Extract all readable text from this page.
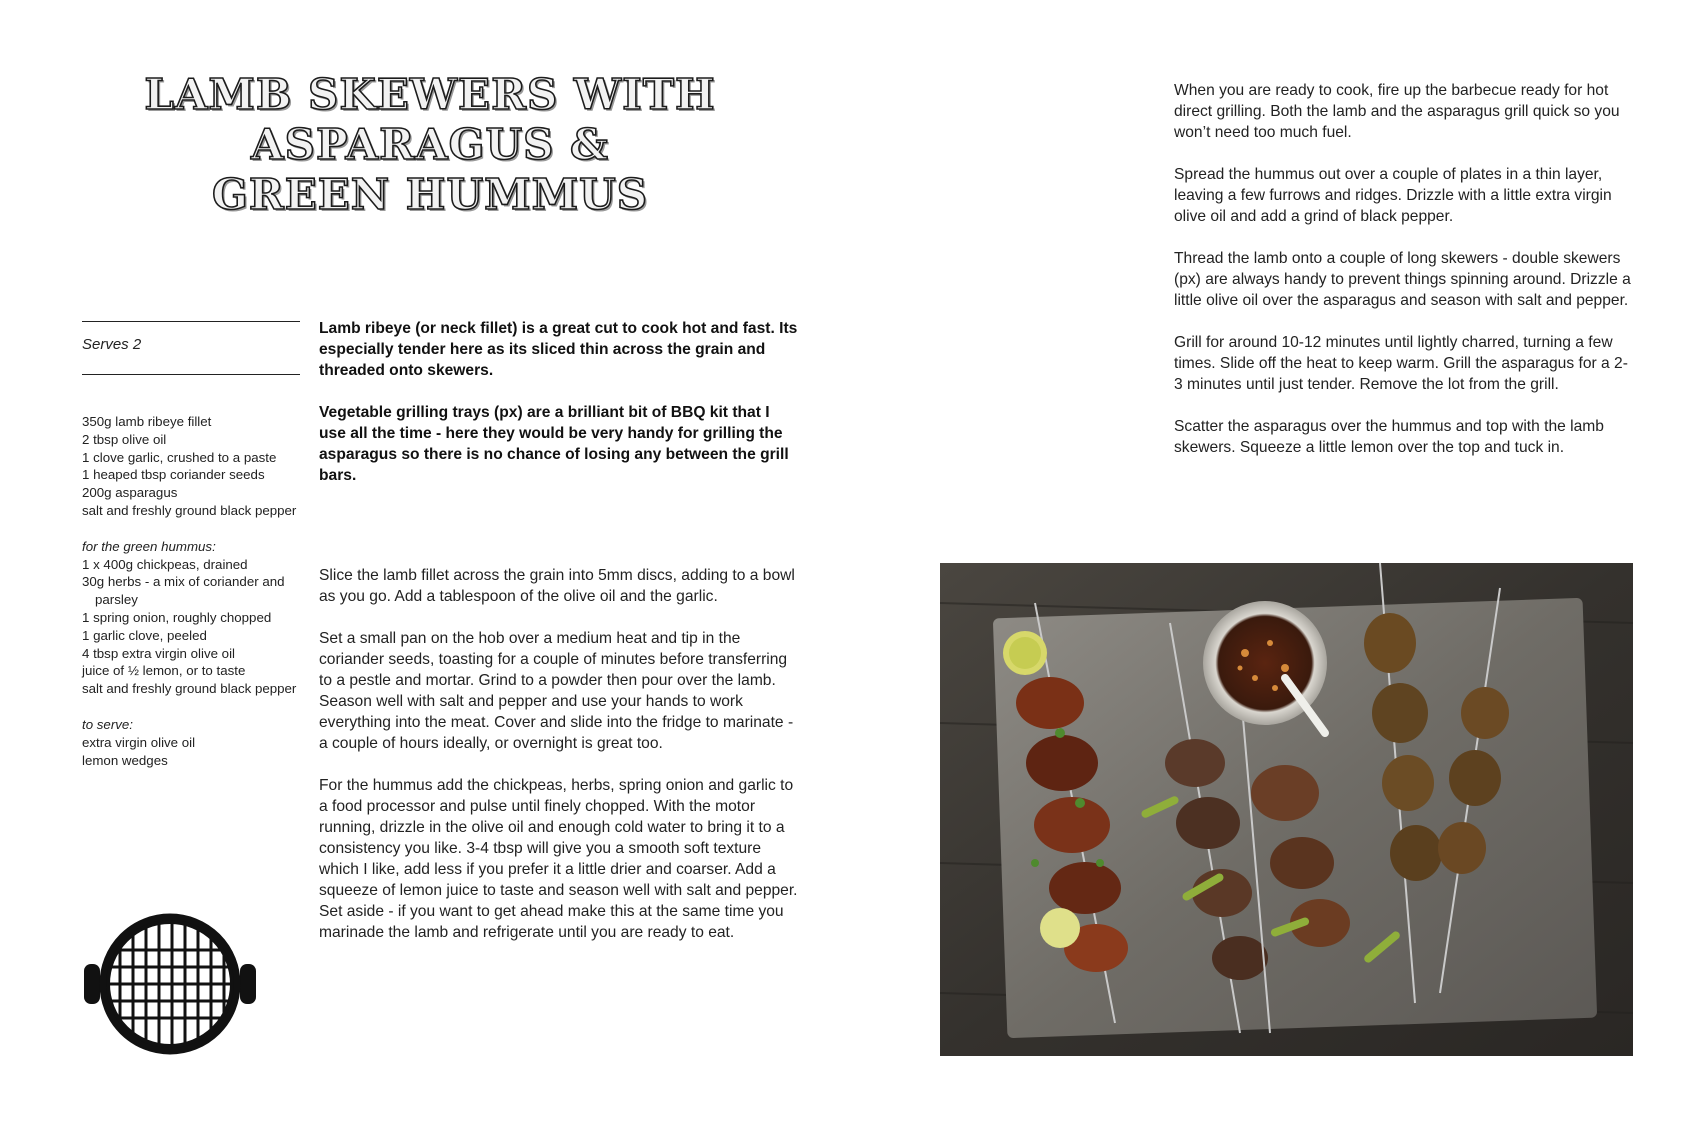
LAMB SKEWERS WITH
ASPARAGUS &
GREEN HUMMUS
Serves 2
350g lamb ribeye fillet
2 tbsp olive oil
1 clove garlic, crushed to a paste
1 heaped tbsp coriander seeds
200g asparagus
salt and freshly ground black pepper
for the green hummus:
1 x 400g chickpeas, drained
30g herbs - a mix of coriander and parsley
1 spring onion, roughly chopped
1 garlic clove, peeled
4 tbsp extra virgin olive oil
juice of ½ lemon, or to taste
salt and freshly ground black pepper
to serve:
extra virgin olive oil
lemon wedges

Lamb ribeye (or neck fillet) is a great cut to cook hot and fast. Its especially tender here as its sliced thin across the grain and threaded onto skewers.

Vegetable grilling trays (px) are a brilliant bit of BBQ kit that I use all the time - here they would be very handy for grilling the asparagus so there is no chance of losing any between the grill bars.

Slice the lamb fillet across the grain into 5mm discs, adding to a bowl as you go. Add a tablespoon of the olive oil and the garlic.

Set a small pan on the hob over a medium heat and tip in the coriander seeds, toasting for a couple of minutes before transferring to a pestle and mortar. Grind to a powder then pour over the lamb. Season well with salt and pepper and use your hands to work everything into the meat. Cover and slide into the fridge to marinate - a couple of hours ideally, or overnight is great too.

For the hummus add the chickpeas, herbs, spring onion and garlic to a food processor and pulse until finely chopped. With the motor running, drizzle in the olive oil and enough cold water to bring it to a consistency you like. 3-4 tbsp will give you a smooth soft texture which I like, add less if you prefer it a little drier and coarser. Add a squeeze of lemon juice to taste and season well with salt and pepper. Set aside - if you want to get ahead make this at the same time you marinade the lamb and refrigerate until you are ready to eat.

When you are ready to cook, fire up the barbecue ready for hot direct grilling. Both the lamb and the asparagus grill quick so you won’t need too much fuel.

Spread the hummus out over a couple of plates in a thin layer, leaving a few furrows and ridges. Drizzle with a little extra virgin olive oil and add a grind of black pepper.

Thread the lamb onto a couple of long skewers - double skewers (px) are always handy to prevent things spinning around. Drizzle a little olive oil over the asparagus and season with salt and pepper.

Grill for around 10-12 minutes until lightly charred, turning a few times. Slide off the heat to keep warm. Grill the asparagus for a 2-3 minutes until just tender. Remove the lot from the grill.

Scatter the asparagus over the hummus and top with the lamb skewers. Squeeze a little lemon over the top and tuck in.
